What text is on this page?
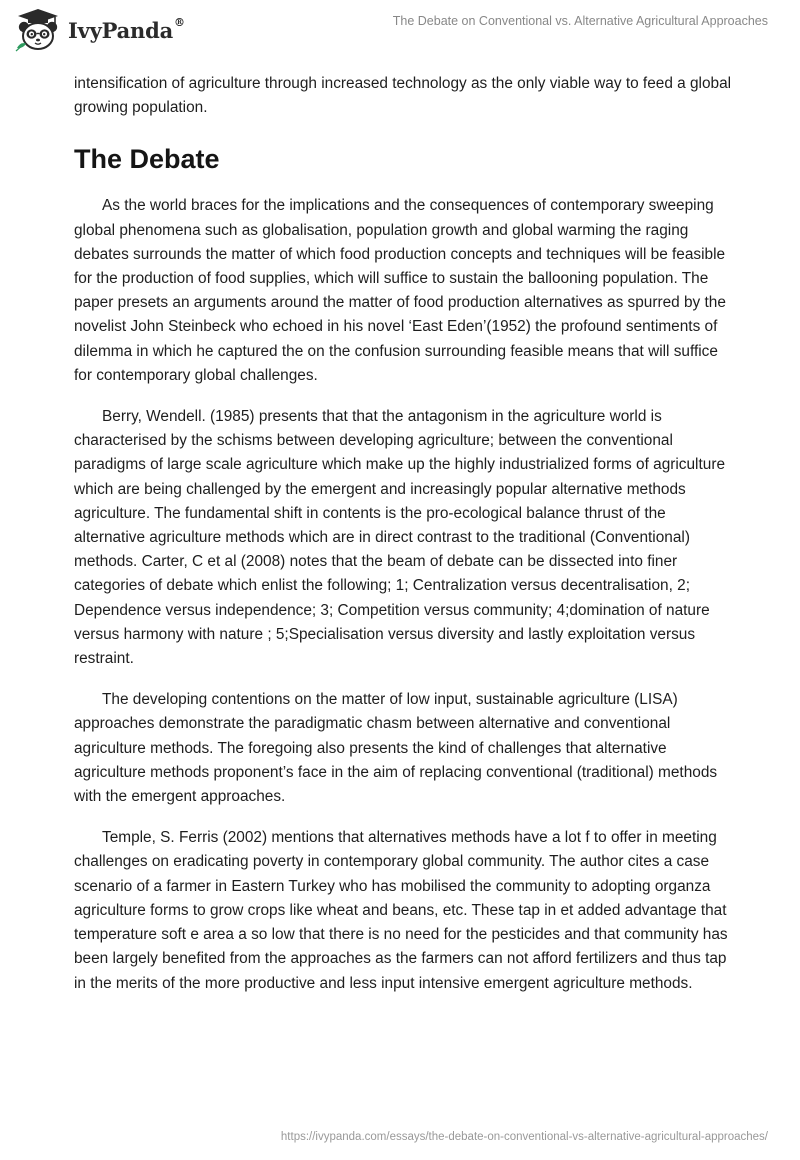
IvyPanda®	The Debate on Conventional vs. Alternative Agricultural Approaches

intensification of agriculture through increased technology as the only viable way to feed a global growing population.

The Debate

As the world braces for the implications and the consequences of contemporary sweeping global phenomena such as globalisation, population growth and global warming the raging debates surrounds the matter of which food production concepts and techniques will be feasible for the production of food supplies, which will suffice to sustain the ballooning population. The paper presets an arguments around the matter of food production alternatives as spurred by the novelist John Steinbeck who echoed in his novel ‘East Eden’(1952) the profound sentiments of dilemma in which he captured the on the confusion surrounding feasible means that will suffice for contemporary global challenges.

Berry, Wendell. (1985) presents that that the antagonism in the agriculture world is characterised by the schisms between developing agriculture; between the conventional paradigms of large scale agriculture which make up the highly industrialized forms of agriculture which are being challenged by the emergent and increasingly popular alternative methods agriculture. The fundamental shift in contents is the pro-ecological balance thrust of the alternative agriculture methods which are in direct contrast to the traditional (Conventional) methods. Carter, C et al (2008) notes that the beam of debate can be dissected into finer categories of debate which enlist the following; 1; Centralization versus decentralisation, 2; Dependence versus independence; 3; Competition versus community; 4;domination of nature versus harmony with nature ; 5;Specialisation versus diversity and lastly exploitation versus restraint.

The developing contentions on the matter of low input, sustainable agriculture (LISA) approaches demonstrate the paradigmatic chasm between alternative and conventional agriculture methods. The foregoing also presents the kind of challenges that alternative agriculture methods proponent’s face in the aim of replacing conventional (traditional) methods with the emergent approaches.

Temple, S. Ferris (2002) mentions that alternatives methods have a lot f to offer in meeting challenges on eradicating poverty in contemporary global community. The author cites a case scenario of a farmer in Eastern Turkey who has mobilised the community to adopting organza agriculture forms to grow crops like wheat and beans, etc. These tap in et added advantage that temperature soft e area a so low that there is no need for the pesticides and that community has been largely benefited from the approaches as the farmers can not afford fertilizers and thus tap in the merits of the more productive and less input intensive emergent agriculture methods.

https://ivypanda.com/essays/the-debate-on-conventional-vs-alternative-agricultural-approaches/
